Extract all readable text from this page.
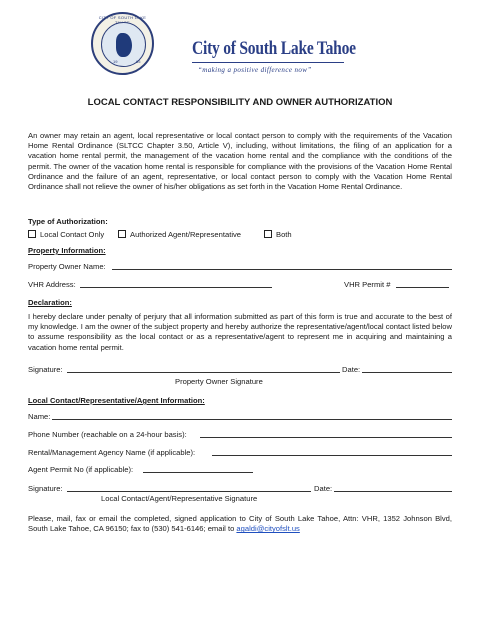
CITY OF SOUTH LAKE
19	65
City of South Lake Tahoe
“making a positive difference now”
LOCAL CONTACT RESPONSIBILITY AND OWNER AUTHORIZATION
An owner may retain an agent, local representative or local contact person to comply with the requirements of the Vacation Home Rental Ordinance (SLTCC Chapter 3.50, Article V), including, without limitations, the filing of an application for a vacation home rental permit, the management of the vacation home rental and the compliance with the conditions of the permit. The owner of the vacation home rental is responsible for compliance with the provisions of the Vacation Home Rental Ordinance and the failure of an agent, representative, or local contact person to comply with the Vacation Home Rental Ordinance shall not relieve the owner of his/her obligations as set forth in the Vacation Home Rental Ordinance.
Type of Authorization:
Local Contact Only	Authorized Agent/Representative	Both
Property Information:
Property Owner Name:
VHR Address:	VHR Permit #
Declaration:
I hereby declare under penalty of perjury that all information submitted as part of this form is true and accurate to the best of my knowledge. I am the owner of the subject property and hereby authorize the representative/agent/local contact listed below to assume responsibility as the local contact or as a representative/agent to represent me in acquiring and maintaining a vacation home rental permit.
Signature:	Date:
Property Owner Signature
Local Contact/Representative/Agent Information:
Name:
Phone Number (reachable on a 24-hour basis):
Rental/Management Agency Name (if applicable):
Agent Permit No (if applicable):
Signature:	Date:
Local Contact/Agent/Representative Signature
Please, mail, fax or email the completed, signed application to City of South Lake Tahoe, Attn: VHR, 1352 Johnson Blvd, South Lake Tahoe, CA 96150; fax to (530) 541-6146; email to agaldi@cityofslt.us
